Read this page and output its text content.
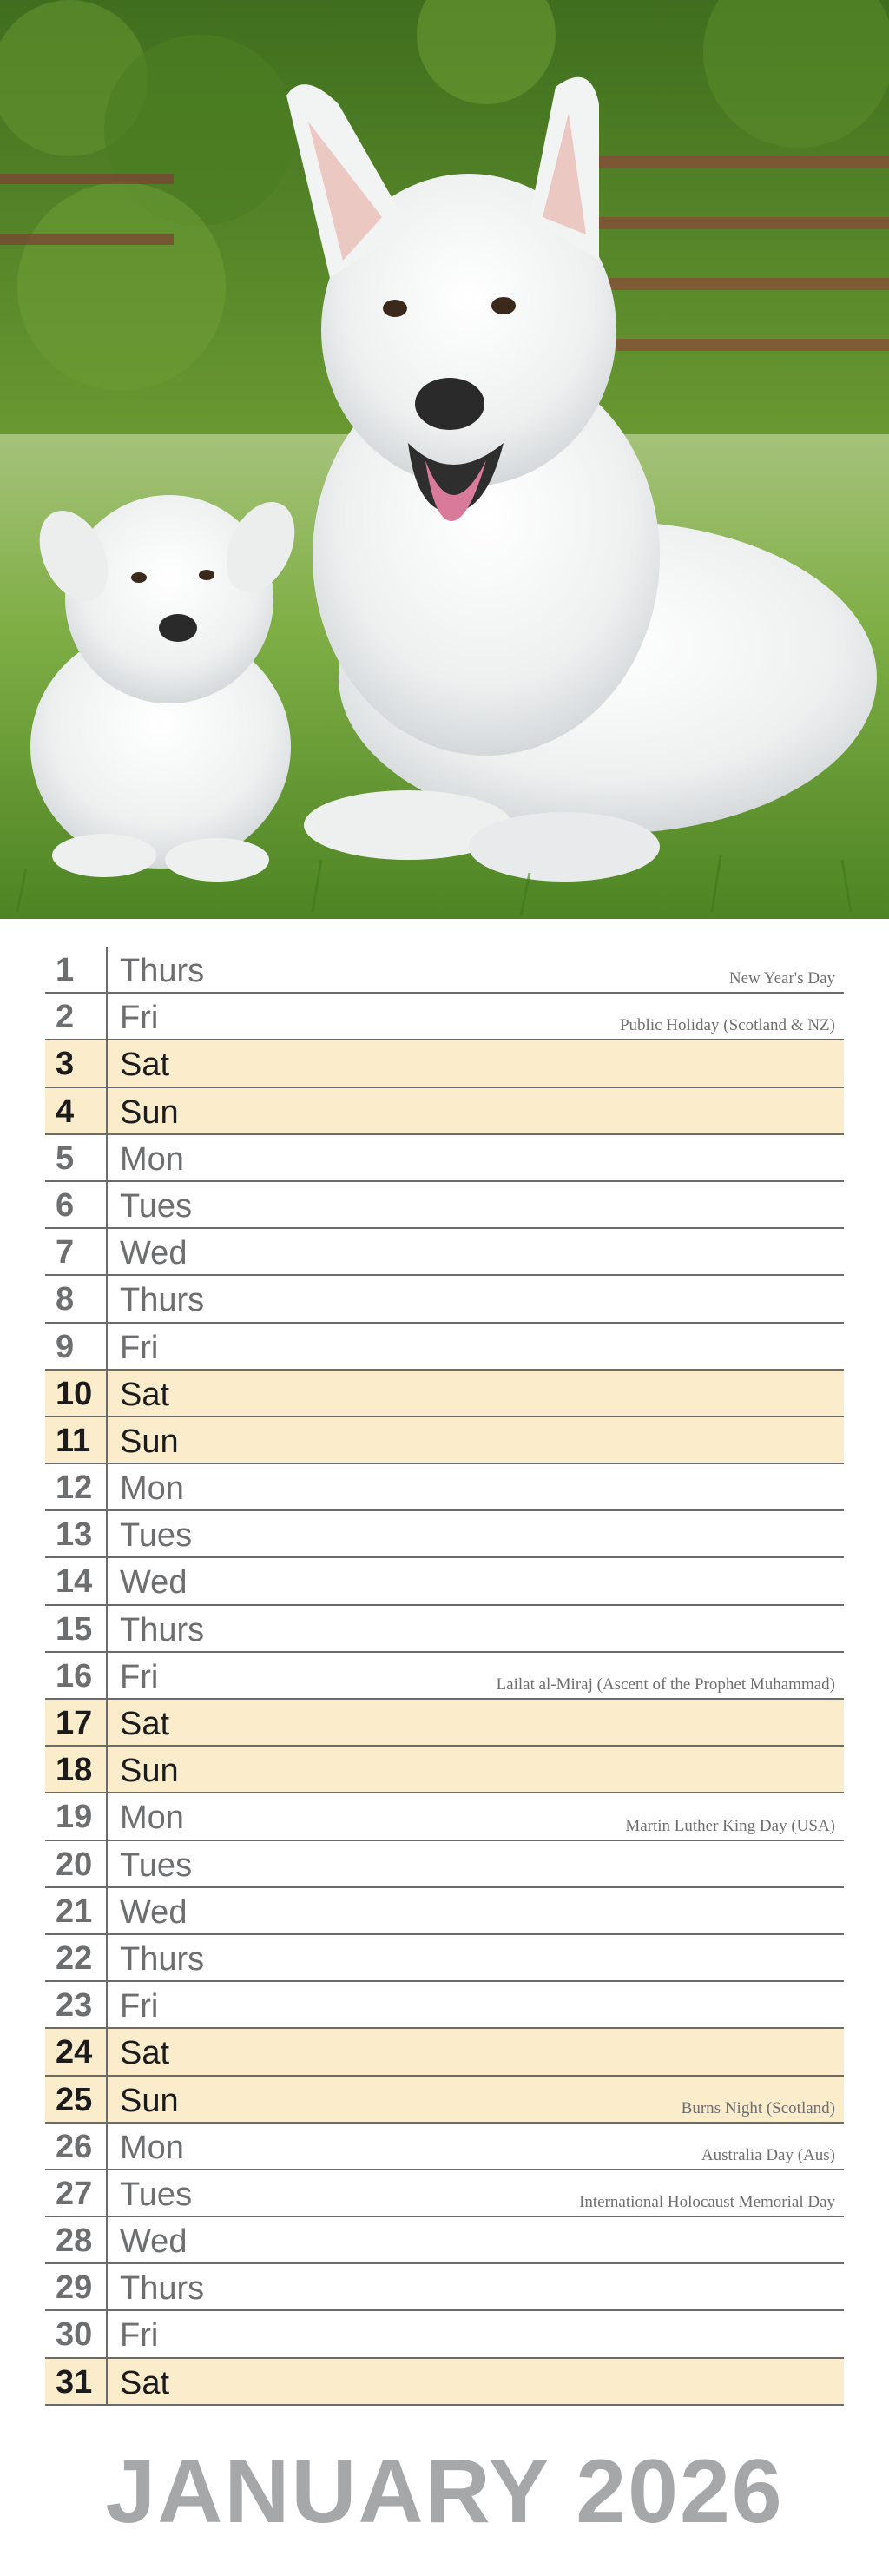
1	Thurs	New Year's Day
2	Fri	Public Holiday (Scotland & NZ)
3	Sat
4	Sun
5	Mon
6	Tues
7	Wed
8	Thurs
9	Fri
10 Sat
11 Sun
12 Mon
13 Tues
14 Wed
15 Thurs
16 Fri	Lailat al-Miraj (Ascent of the Prophet Muhammad)
17 Sat
18 Sun
19 Mon	Martin Luther King Day (USA)
20 Tues
21 Wed
22 Thurs
23 Fri
24 Sat
25 Sun	Burns Night (Scotland)
26 Mon	Australia Day (Aus)
27 Tues	International Holocaust Memorial Day
28 Wed
29 Thurs
30 Fri
31 Sat
JANUARY 2026
